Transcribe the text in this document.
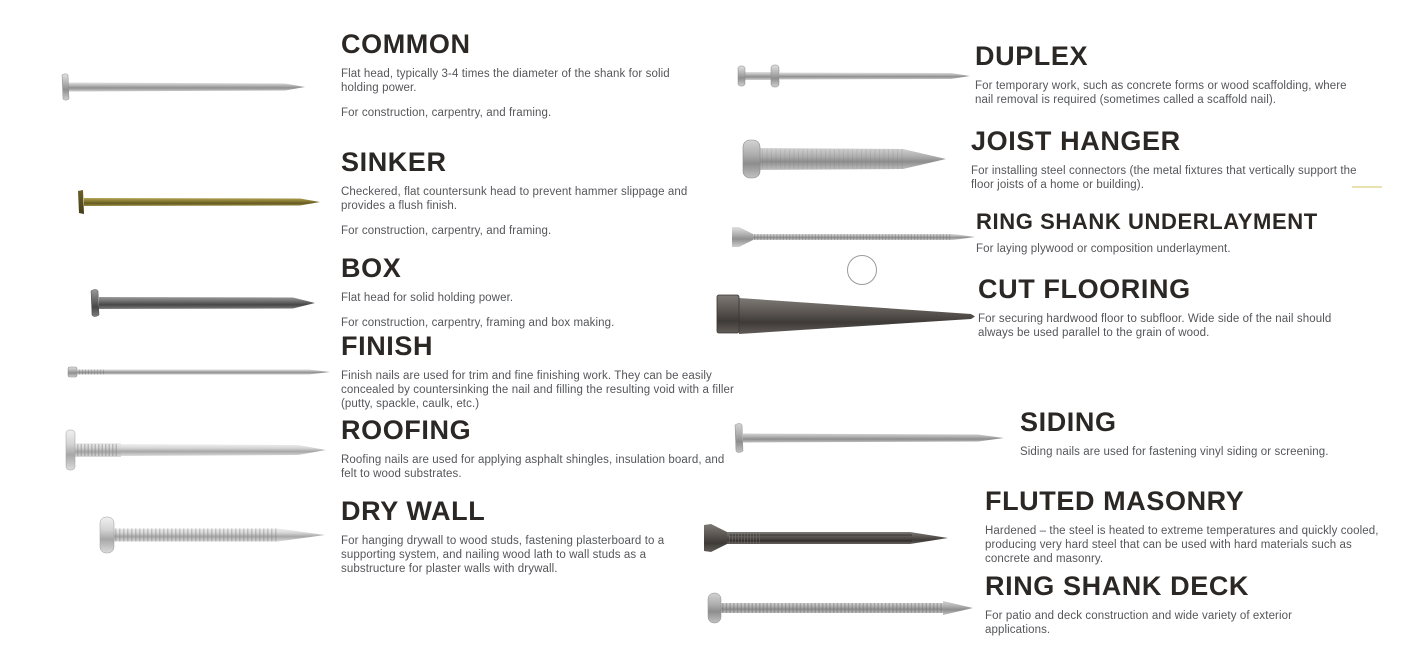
COMMON

Flat head, typically 3-4 times the diameter of the shank for solid holding power.

For construction, carpentry, and framing.

SINKER

Checkered, flat countersunk head to prevent hammer slippage and provides a flush finish.

For construction, carpentry, and framing.

BOX

Flat head for solid holding power.

For construction, carpentry, framing and box making.

FINISH

Finish nails are used for trim and fine finishing work. They can be easily concealed by countersinking the nail and filling the resulting void with a filler (putty, spackle, caulk, etc.)

ROOFING

Roofing nails are used for applying asphalt shingles, insulation board, and felt to wood substrates.

DRY WALL

For hanging drywall to wood studs, fastening plasterboard to a supporting system, and nailing wood lath to wall studs as a substructure for plaster walls with drywall.

DUPLEX

For temporary work, such as concrete forms or wood scaffolding, where nail removal is required (sometimes called a scaffold nail).

JOIST HANGER

For installing steel connectors (the metal fixtures that vertically support the floor joists of a home or building).

RING SHANK UNDERLAYMENT

For laying plywood or composition underlayment.

CUT FLOORING

For securing hardwood floor to subfloor. Wide side of the nail should always be used parallel to the grain of wood.

SIDING

Siding nails are used for fastening vinyl siding or screening.

FLUTED MASONRY

Hardened – the steel is heated to extreme temperatures and quickly cooled, producing very hard steel that can be used with hard materials such as concrete and masonry.

RING SHANK DECK

For patio and deck construction and wide variety of exterior applications.
